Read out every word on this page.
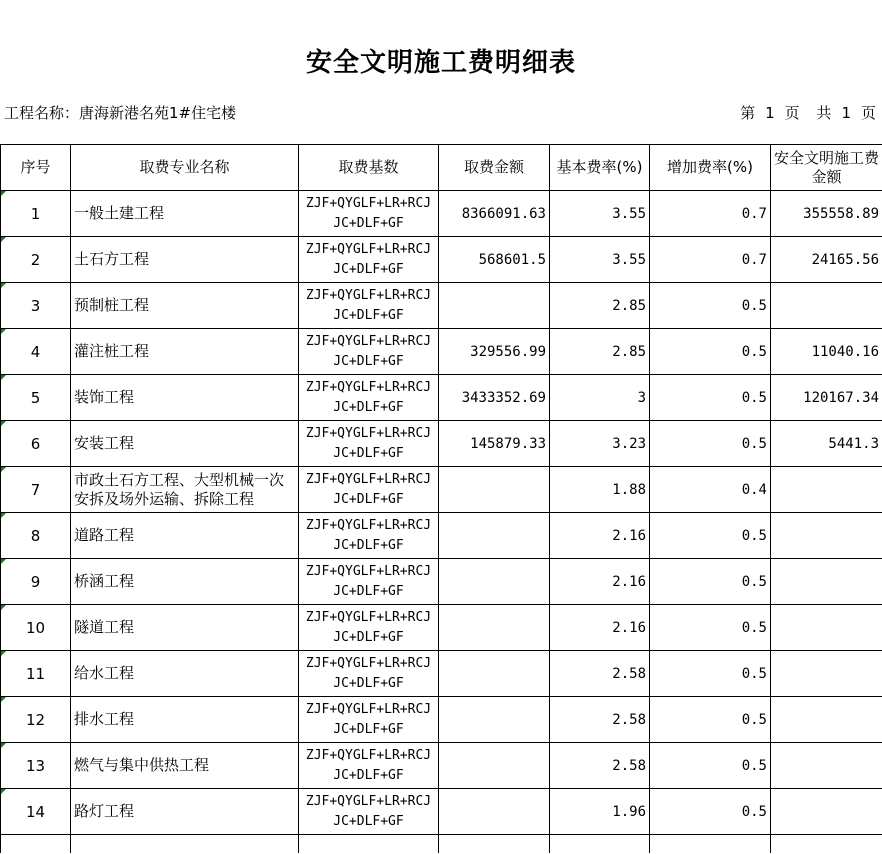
安全文明施工费明细表
工程名称：唐海新港名苑1#住宅楼	第 1 页 共 1 页
序号	取费专业名称	取费基数	取费金额	基本费率(%)	增加费率(%)	安全文明施工费金额

1	一般土建工程	ZJF+QYGLF+LR+RCJ
JC+DLF+GF	8366091.63	3.55	0.7	355558.89

2	土石方工程	ZJF+QYGLF+LR+RCJ
JC+DLF+GF	568601.5	3.55	0.7	24165.56

3	预制桩工程	ZJF+QYGLF+LR+RCJ
JC+DLF+GF		2.85	0.5	

4	灌注桩工程	ZJF+QYGLF+LR+RCJ
JC+DLF+GF	329556.99	2.85	0.5	11040.16

5	装饰工程	ZJF+QYGLF+LR+RCJ
JC+DLF+GF	3433352.69	3	0.5	120167.34

6	安装工程	ZJF+QYGLF+LR+RCJ
JC+DLF+GF	145879.33	3.23	0.5	5441.3

7	市政土石方工程、大型机械一次安拆及场外运输、拆除工程	ZJF+QYGLF+LR+RCJ
JC+DLF+GF		1.88	0.4	

8	道路工程	ZJF+QYGLF+LR+RCJ
JC+DLF+GF		2.16	0.5	

9	桥涵工程	ZJF+QYGLF+LR+RCJ
JC+DLF+GF		2.16	0.5	

10	隧道工程	ZJF+QYGLF+LR+RCJ
JC+DLF+GF		2.16	0.5	

11	给水工程	ZJF+QYGLF+LR+RCJ
JC+DLF+GF		2.58	0.5	

12	排水工程	ZJF+QYGLF+LR+RCJ
JC+DLF+GF		2.58	0.5	

13	燃气与集中供热工程	ZJF+QYGLF+LR+RCJ
JC+DLF+GF		2.58	0.5	

14	路灯工程	ZJF+QYGLF+LR+RCJ
JC+DLF+GF		1.96	0.5	
